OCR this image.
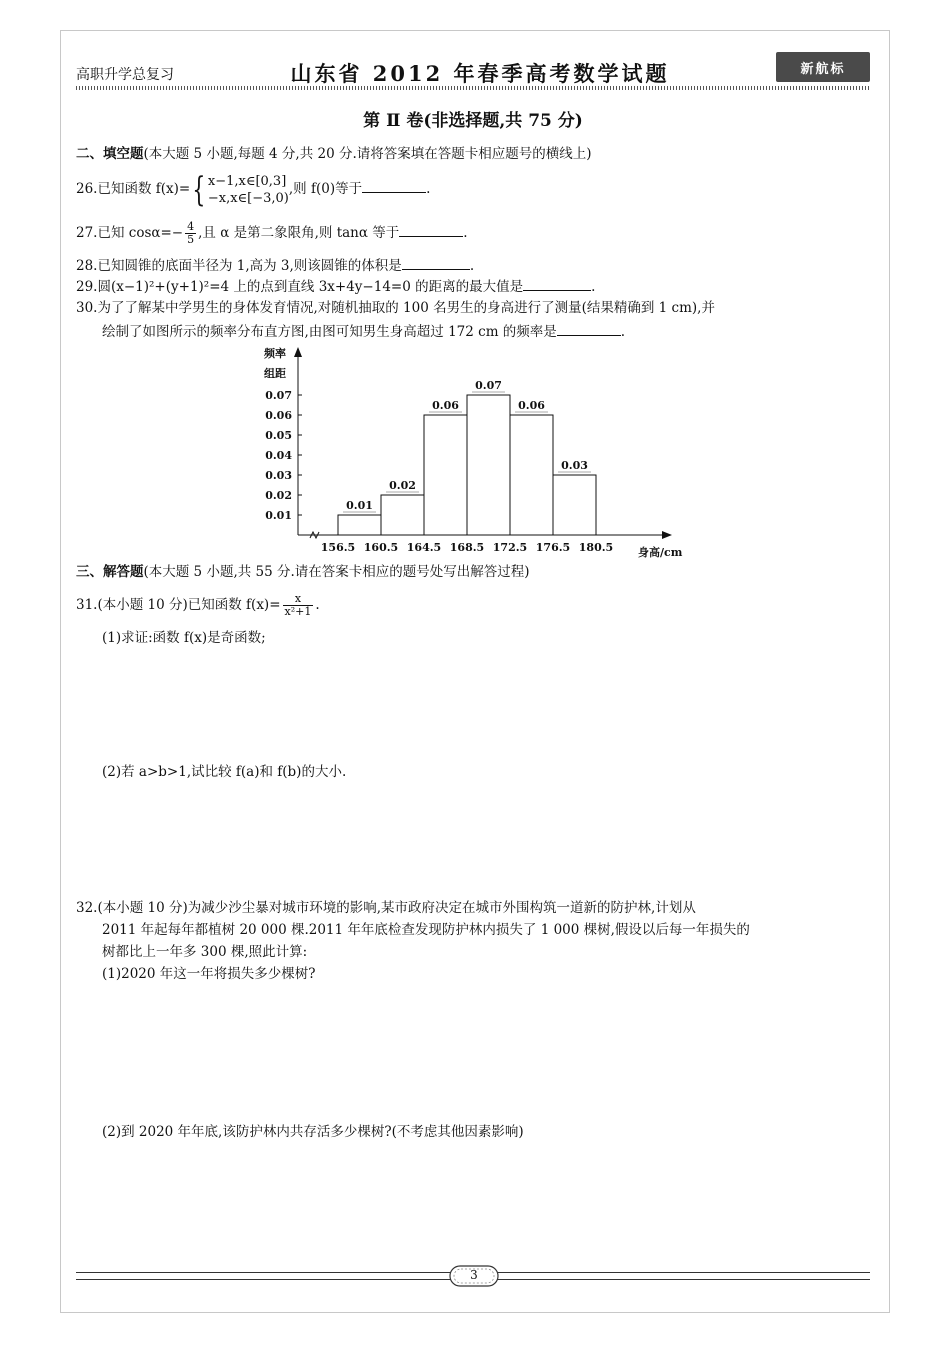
高职升学总复习	山东省 2012 年春季高考数学试题	新航标
第 Ⅱ 卷(非选择题,共 75 分)
二、填空题(本大题 5 小题,每题 4 分,共 20 分.请将答案填在答题卡相应题号的横线上)
26.已知函数 f(x)={ x−1,x∈[0,3]
−x,x∈[−3,0)
,则 f(0)等于	.
27.已知 $\cos\alpha=- \frac{4}{5}$ ,且 α 是第二象限角,则 tanα 等于	.
28.已知圆锥的底面半径为 1,高为 3,则该圆锥的体积是	.
29.圆(x−1)²+(y+1)²=4 上的点到直线 3x+4y−14=0 的距离的最大值是	.
30.为了了解某中学男生的身体发育情况,对随机抽取的 100 名男生的身高进行了测量(结果精确到 1 cm),并
绘制了如图所示的频率分布直方图,由图可知男生身高超过 172 cm 的频率是	.
0.01
0.02
0.03
0.04
0.05
0.06
0.07
频率
组距
0.01
0.02
0.06
0.07
0.06
0.03
156.5 160.5 164.5 168.5 172.5 176.5 180.5 身高/cm
三、解答题(本大题 5 小题,共 55 分.请在答案卡相应的题号处写出解答过程)
31.(本小题 10 分)已知函数 $f(x)= \frac{x}{\text{x²+1}}$ .
(1)求证:函数 f(x)是奇函数;
(2)若 a>b>1,试比较 f(a)和 f(b)的大小.
32.(本小题 10 分)为减少沙尘暴对城市环境的影响,某市政府决定在城市外围构筑一道新的防护林,计划从
2011 年起每年都植树 20 000 棵.2011 年年底检查发现防护林内损失了 1 000 棵树,假设以后每一年损失的
树都比上一年多 300 棵,照此计算:
(1)2020 年这一年将损失多少棵树?
(2)到 2020 年年底,该防护林内共存活多少棵树?(不考虑其他因素影响)
3
